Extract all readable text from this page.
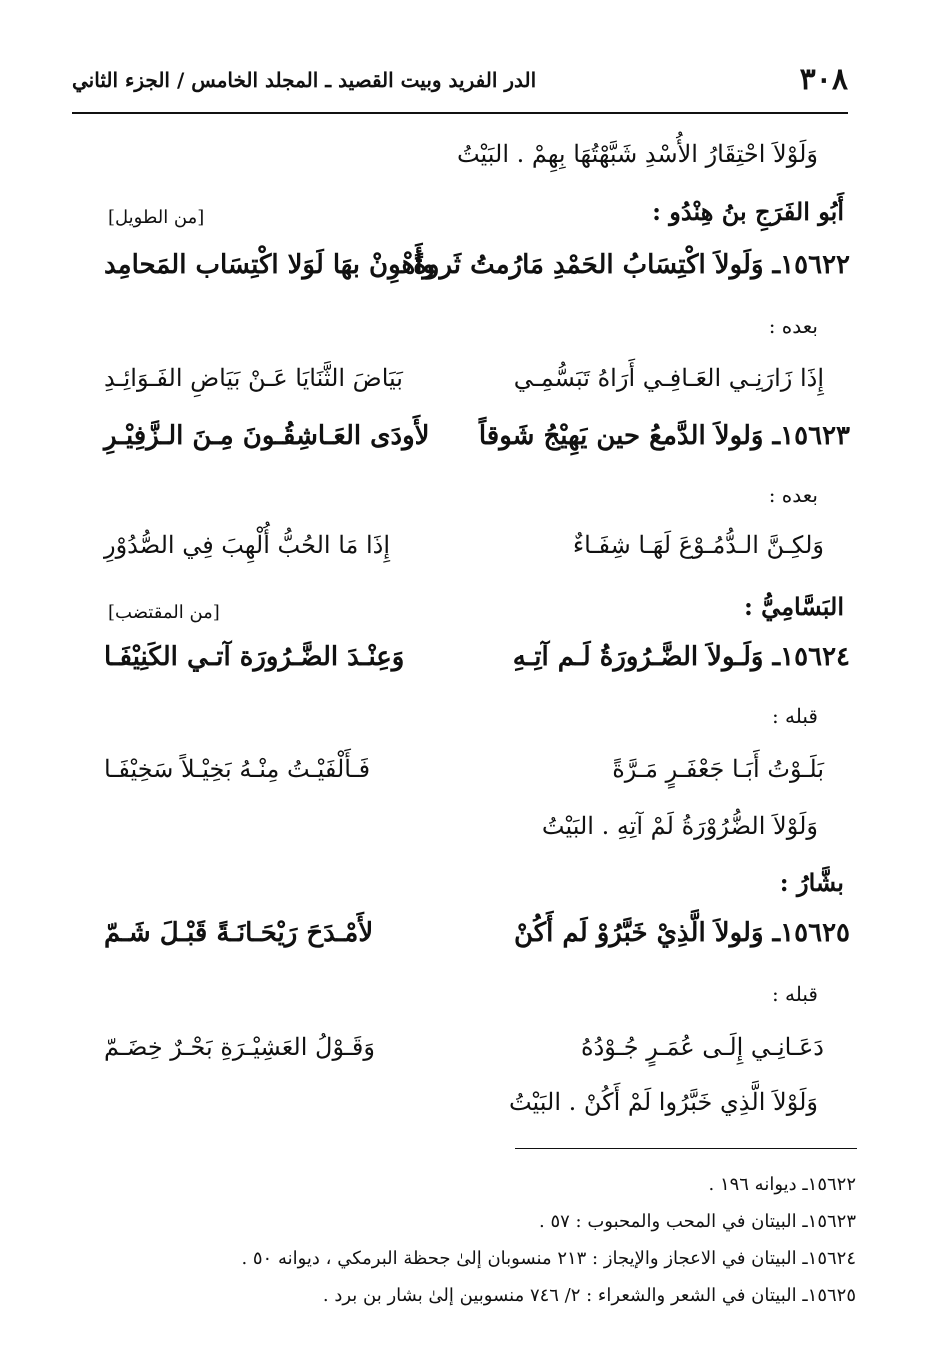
٣٠٨
الدر الفريد وبيت القصيد ـ المجلد الخامس / الجزء الثاني
وَلَوْلاَ احْتِقَارُ الأُسْدِ شَبَّهْتُهَا بِهِمْ . البَيْتُ
أَبُو الفَرَجِ بنُ هِنْدُو :
[من الطويل]
١٥٦٢٢ـ وَلَولاَ اكْتِسَابُ الحَمْدِ مَارُمتُ ثَروةً
وأَهْوِنْ بهَا لَوَلا اكْتِسَاب المَحامِد
بعده :
إِذَا زَارَنِـي العَـافِـي أَرَاهُ تَبَسُّمِـي
بَيَاضَ الثَّنَايَا عَـنْ بَيَاضِ الفَـوَائِـدِ
١٥٦٢٣ـ وَلولاَ الدَّمعُ حين يَهِيْجُ شَوقاً
لأَودَى العَـاشِقُـونَ مِـنَ الـزَّفِيْـرِ
بعده :
وَلكِـنَّ الـدُّمُـوْعَ لَهَـا شِفَـاءٌ
إِذَا مَا الحُبُّ أُلْهِبَ فِي الصُّدُوْرِ
البَسَّامِيُّ :
[من المقتضب]
١٥٦٢٤ـ وَلَـولاَ الضَّـرُورَةُ لَـم آتِـهِ
وَعِنْـدَ الضَّـرُورَة آتـي الكَنِيْفَـا
قبله :
بَلَـوْتُ أَبَـا جَعْفَـرٍ مَـرَّةً
فَـأَلْفَيْـتُ مِنْـهُ بَخِيْـلاً سَخِيْفَـا
وَلَوْلاَ الضُّرُوْرَةُ لَمْ آتِهِ . البَيْتُ
بشَّارُ :
١٥٦٢٥ـ وَلولاَ الَّذِيْ خَبَّرُوْ لَم أَكُنْ
لأَمْـدَحَ رَيْحَـانَـةً قَبْـلَ شَـمّ
قبله :
دَعَـانِـي إِلَـى عُمَـرٍ جُـوْدُهُ
وَقَـوْلُ العَشِيْـرَةِ بَحْـرٌ خِضَـمّ
وَلَوْلاَ الَّذِي خَبَّرُوا لَمْ أَكُنْ . البَيْتُ
١٥٦٢٢ـ ديوانه ١٩٦ .
١٥٦٢٣ـ البيتان في المحب والمحبوب : ٥٧ .
١٥٦٢٤ـ البيتان في الاعجاز والإيجاز : ٢١٣ منسوبان إلىٰ جحظة البرمكي ، ديوانه ٥٠ .
١٥٦٢٥ـ البيتان في الشعر والشعراء : ٢/ ٧٤٦ منسوبين إلىٰ بشار بن برد .
